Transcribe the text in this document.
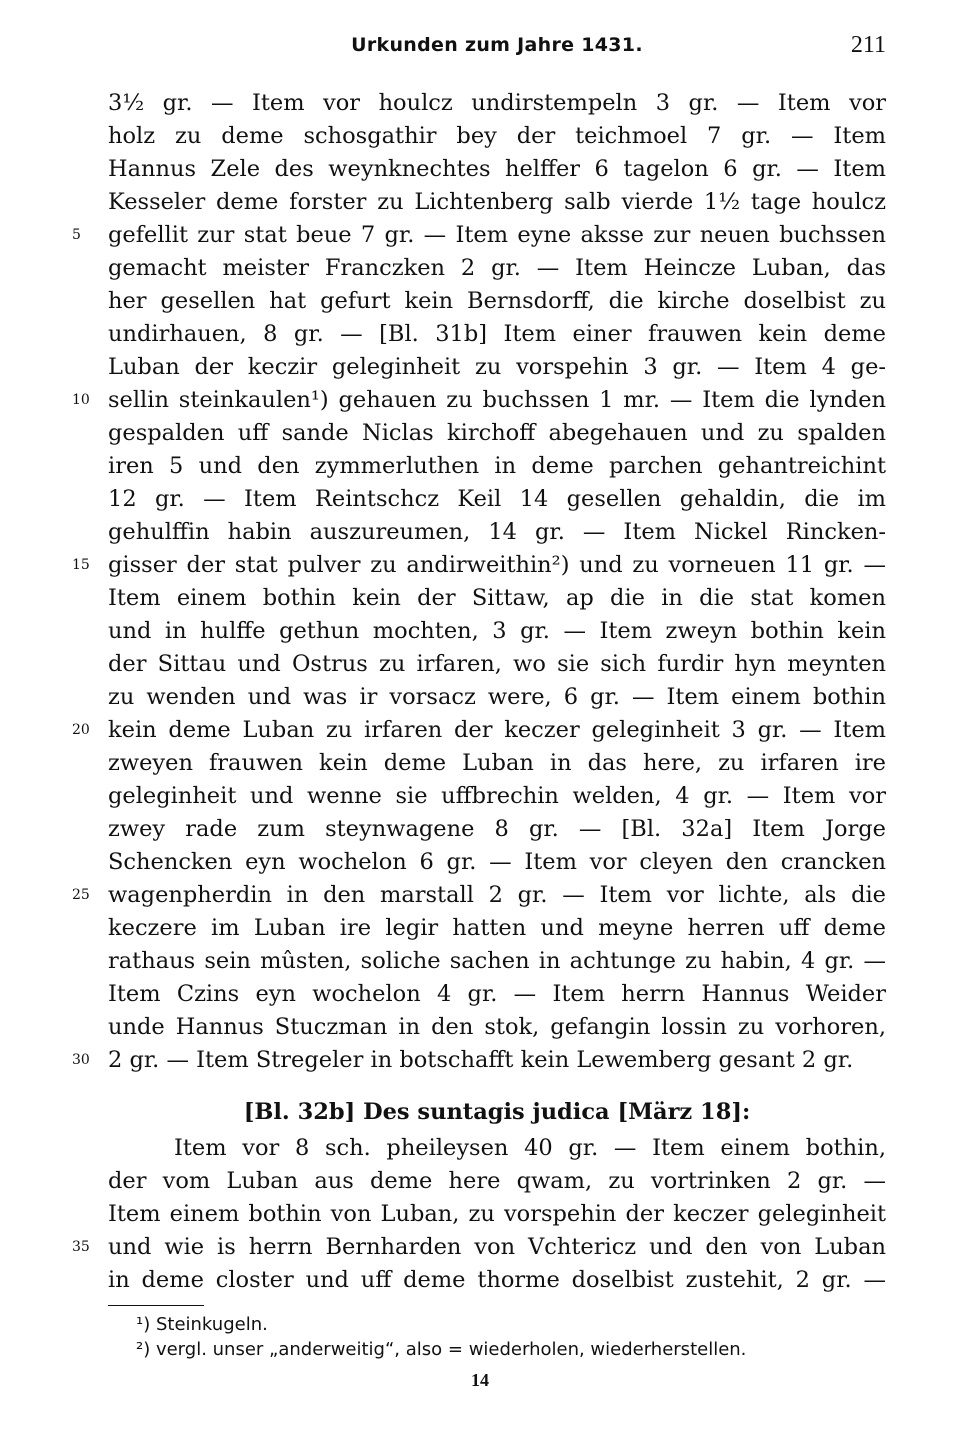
Urkunden zum Jahre 1431.	211
3½ gr. — Item vor houlcz undirstempeln 3 gr. — Item vor
holz zu deme schosgathir bey der teichmoel 7 gr. — Item
Hannus Zele des weynknechtes helffer 6 tagelon 6 gr. — Item
Kesseler deme forster zu Lichtenberg salb vierde 1½ tage houlcz
5	gefellit zur stat beue 7 gr. — Item eyne aksse zur neuen buchssen
gemacht meister Franczken 2 gr. — Item Heincze Luban, das
her gesellen hat gefurt kein Bernsdorff, die kirche doselbist zu
undirhauen, 8 gr. — [Bl. 31b] Item einer frauwen kein deme
Luban der keczir geleginheit zu vorspehin 3 gr. — Item 4 ge-
10 sellin steinkaulen¹) gehauen zu buchssen 1 mr. — Item die lynden
gespalden uff sande Niclas kirchoff abegehauen und zu spalden
iren 5 und den zymmerluthen in deme parchen gehantreichint
12 gr. — Item Reintschcz Keil 14 gesellen gehaldin, die im
gehulffin habin auszureumen, 14 gr. — Item Nickel Rincken-
15 gisser der stat pulver zu andirweithin²) und zu vorneuen 11 gr. —
Item einem bothin kein der Sittaw, ap die in die stat komen
und in hulffe gethun mochten, 3 gr. — Item zweyn bothin kein
der Sittau und Ostrus zu irfaren, wo sie sich furdir hyn meynten
zu wenden und was ir vorsacz were, 6 gr. — Item einem bothin
20 kein deme Luban zu irfaren der keczer geleginheit 3 gr. — Item
zweyen frauwen kein deme Luban in das here, zu irfaren ire
geleginheit und wenne sie uffbrechin welden, 4 gr. — Item vor
zwey rade zum steynwagene 8 gr. — [Bl. 32a] Item Jorge
Schencken eyn wochelon 6 gr. — Item vor cleyen den crancken
25 wagenpherdin in den marstall 2 gr. — Item vor lichte, als die
keczere im Luban ire legir hatten und meyne herren uff deme
rathaus sein mûsten, soliche sachen in achtunge zu habin, 4 gr. —
Item Czins eyn wochelon 4 gr. — Item herrn Hannus Weider
unde Hannus Stuczman in den stok, gefangin lossin zu vorhoren,
30 2 gr. — Item Stregeler in botschafft kein Lewemberg gesant 2 gr.
[Bl. 32b] Des suntagis judica [März 18]:
Item vor 8 sch. pheileysen 40 gr. — Item einem bothin,
der vom Luban aus deme here qwam, zu vortrinken 2 gr. —
Item einem bothin von Luban, zu vorspehin der keczer geleginheit
35 und wie is herrn Bernharden von Vchtericz und den von Luban
in deme closter und uff deme thorme doselbist zustehit, 2 gr. —
¹) Steinkugeln.
²) vergl. unser „anderweitig“, also = wiederholen, wiederherstellen.
14
